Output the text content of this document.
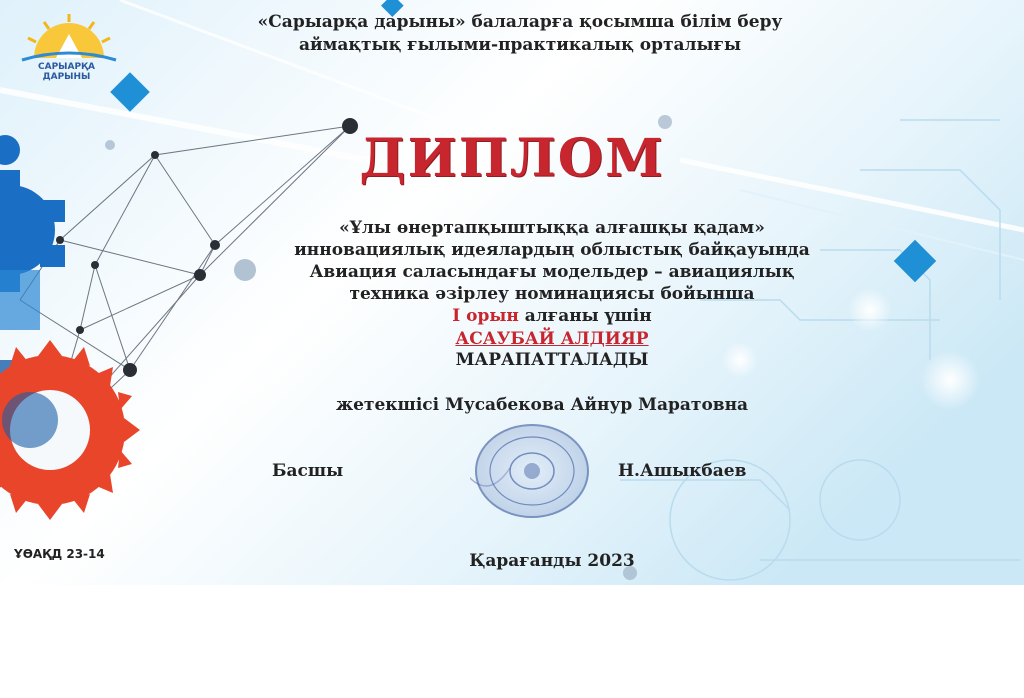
САРЫАРҚА ДАРЫНЫ
«Сарыарқа дарыны» балаларға қосымша білім беру
аймақтық ғылыми-практикалық орталығы
ДИПЛОМ
«Ұлы өнертапқыштыққа алғашқы қадам»
инновациялық идеялардың облыстық байқауында
Авиация саласындағы модельдер – авиациялық
техника әзірлеу номинациясы бойынша
I орын алғаны үшін
АСАУБАЙ АЛДИЯР
МАРАПАТТАЛАДЫ
жетекшісі Мусабекова Айнур Маратовна
Басшы	Н.Ашыкбаев
Қарағанды 2023
ҰӨАҚД 23-14
